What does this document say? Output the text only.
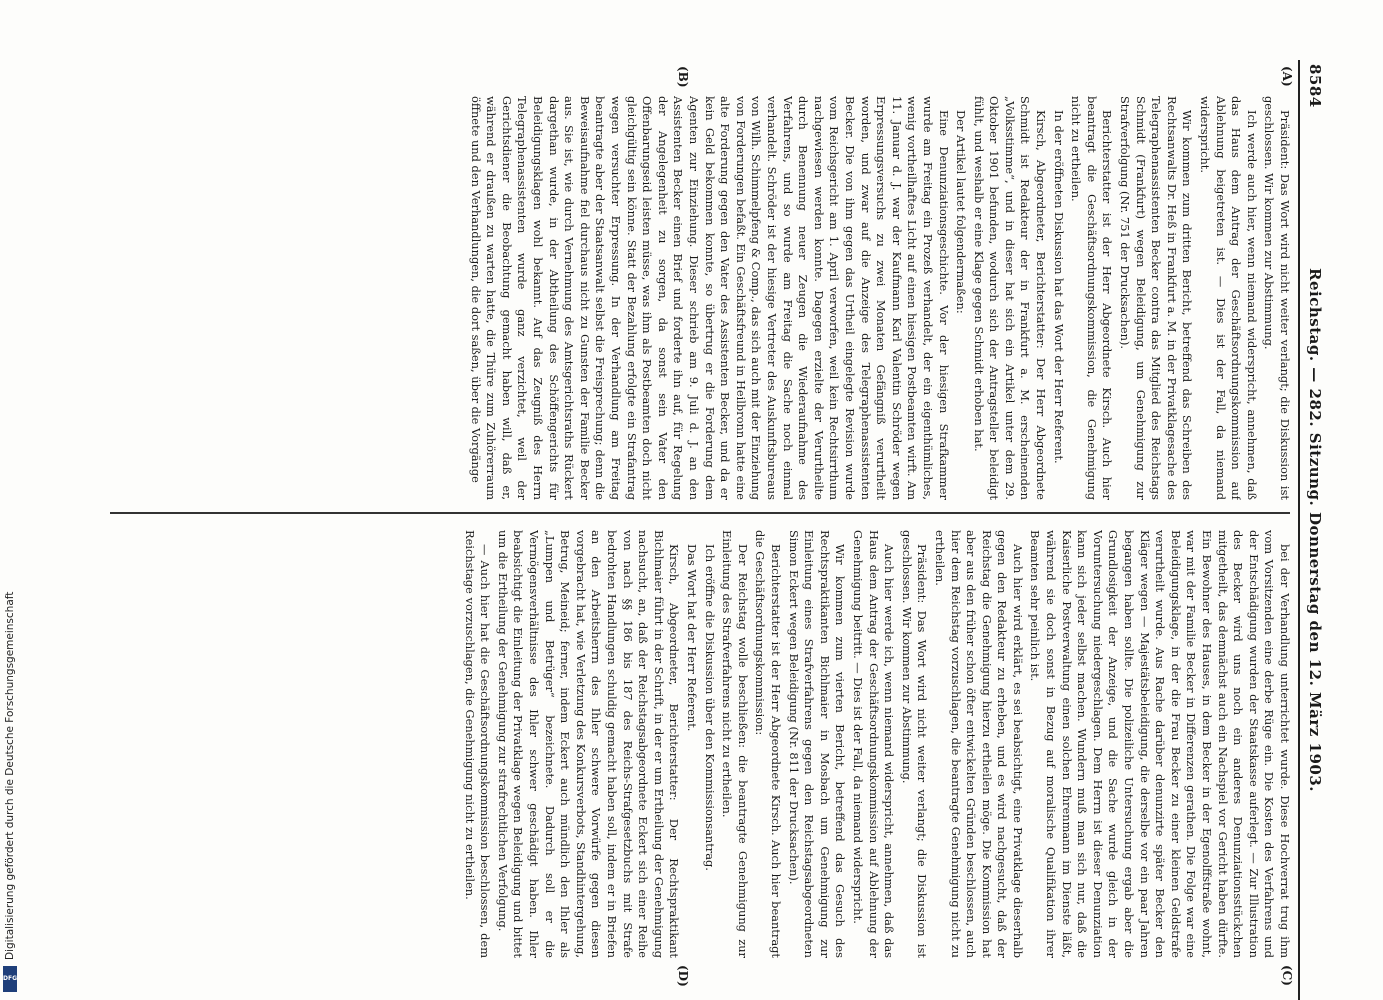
Digitalisierung gefördert durch die Deutsche Forschungsgemeinschaft
DFG
8584
Reichstag. — 282. Sitzung. Donnerstag den 12. März 1903.
(A)
(B)
(C)
(D)

Präsident: Das Wort wird nicht weiter verlangt; die Diskussion ist geschlossen. Wir kommen zur Abstimmung.

Ich werde auch hier, wenn niemand widerspricht, annehmen, daß das Haus dem Antrag der Geschäftsordnungskommission auf Ablehnung beigetreten ist. — Dies ist der Fall, da niemand widerspricht.

Wir kommen zum dritten Bericht, betreffend das Schreiben des Rechtsanwalts Dr. Heß in Frankfurt a. M. in der Privatklagesache des Telegraphenassistenten Becker contra das Mitglied des Reichstags Schmidt (Frankfurt) wegen Beleidigung, um Genehmigung zur Strafverfolgung (Nr. 751 der Drucksachen).

Berichterstatter ist der Herr Abgeordnete Kirsch. Auch hier beantragt die Geschäftsordnungskommission, die Genehmigung nicht zu ertheilen.

In der eröffneten Diskussion hat das Wort der Herr Referent.

Kirsch, Abgeordneter, Berichterstatter: Der Herr Abgeordnete Schmidt ist Redakteur der in Frankfurt a. M. erscheinenden „Volksstimme“, und in dieser hat sich ein Artikel unter dem 29. Oktober 1901 befunden, wodurch sich der Antragsteller beleidigt fühlt, und weshalb er eine Klage gegen Schmidt erhoben hat.

Der Artikel lautet folgendermaßen:

Eine Denunziationsgeschichte. Vor der hiesigen Strafkammer wurde am Freitag ein Prozeß verhandelt, der ein eigenthümliches, wenig vortheilhaftes Licht auf einen hiesigen Postbeamten wirft. Am 11. Januar d. J. war der Kaufmann Karl Valentin Schröder wegen Erpressungsversuchs zu zwei Monaten Gefängniß verurtheilt worden, und zwar auf die Anzeige des Telegraphenassistenten Becker. Die von ihm gegen das Urtheil eingelegte Revision wurde vom Reichsgericht am 1. April verworfen, weil kein Rechtsirrthum nachgewiesen werden konnte. Dagegen erzielte der Verurtheilte durch Benennung neuer Zeugen die Wiederaufnahme des Verfahrens, und so wurde am Freitag die Sache noch einmal verhandelt. Schröder ist der hiesige Vertreter des Auskunftsbureaus von Wilh. Schimmelpfeng & Comp., das sich auch mit der Einziehung von Forderungen befaßt. Ein Geschäftsfreund in Heilbronn hatte eine alte Forderung gegen den Vater des Assistenten Becker, und da er kein Geld bekommen konnte, so übertrug er die Forderung dem Agenten zur Einziehung. Dieser schrieb am 9. Juli d. J. an den Assistenten Becker einen Brief und forderte ihn auf, für Regelung der Angelegenheit zu sorgen, da sonst sein Vater den Offenbarungseid leisten müsse, was ihm als Postbeamten doch nicht gleichgültig sein könne. Statt der Bezahlung erfolgte ein Strafantrag wegen versuchter Erpressung. In der Verhandlung am Freitag beantragte aber der Staatsanwalt selbst die Freisprechung; denn die Beweisaufnahme fiel durchaus nicht zu Gunsten der Familie Becker aus. Sie ist, wie durch Vernehmung des Amtsgerichtsraths Rückert dargethan wurde, in der Abtheilung des Schöffengerichts für Beleidigungsklagen wohl bekannt. Auf das Zeugniß des Herrn Telegraphenassistenten wurde ganz verzichtet, weil der Gerichtsdiener die Beobachtung gemacht haben will, daß er, während er draußen zu warten hatte, die Thüre zum Zuhörerraum öffnete und den Verhandlungen, die dort saßen, über die Vorgänge

bei der Verhandlung unterrichtet wurde. Diese Hochverrat trug ihm vom Vorsitzenden eine derbe Rüge ein. Die Kosten des Verfahrens und der Entschädigung wurden der Staatskasse auferlegt. — Zur Illustration des Becker wird uns noch ein anderes Denunziationsstückchen mitgetheilt, das demnächst auch ein Nachspiel vor Gericht haben dürfte. Ein Bewohner des Hauses, in dem Becker in der Egenolffstraße wohnt, war mit der Familie Becker in Differenzen gerathen. Die Folge war eine Beleidigungsklage, in der die Frau Becker zu einer kleinen Geldstrafe verurtheilt wurde. Aus Rache darüber denunzirte später Becker den Kläger wegen — Majestätsbeleidigung, die derselbe vor ein paar Jahren begangen haben sollte. Die polizeiliche Untersuchung ergab aber die Grundlosigkeit der Anzeige, und die Sache wurde gleich in der Voruntersuchung niedergeschlagen. Dem Herrn ist dieser Denunziation kann sich jeder selbst machen. Wundern muß man sich nur, daß die Kaiserliche Postverwaltung einen solchen Ehrenmann im Dienste läßt, während sie doch sonst in Bezug auf moralische Qualifikation ihrer Beamten sehr peinlich ist.

Auch hier wird erklärt, es sei beabsichtigt, eine Privatklage dieserhalb gegen den Redakteur zu erheben, und es wird nachgesucht, daß der Reichstag die Genehmigung hierzu ertheilen möge. Die Kommission hat aber aus den früher schon öfter entwickelten Gründen beschlossen, auch hier dem Reichstag vorzuschlagen, die beantragte Genehmigung nicht zu ertheilen.

Präsident: Das Wort wird nicht weiter verlangt; die Diskussion ist geschlossen. Wir kommen zur Abstimmung.

Auch hier werde ich, wenn niemand widerspricht, annehmen, daß das Haus dem Antrag der Geschäftsordnungskommission auf Ablehnung der Genehmigung beitritt. — Dies ist der Fall, da niemand widerspricht.

Wir kommen zum vierten Bericht, betreffend das Gesuch des Rechtspraktikanten Bichlmaier in Mosbach um Genehmigung zur Einleitung eines Strafverfahrens gegen den Reichstagsabgeordneten Simon Eckert wegen Beleidigung (Nr. 811 der Drucksachen).

Berichterstatter ist der Herr Abgeordnete Kirsch. Auch hier beantragt die Geschäftsordnungskommission:

Der Reichstag wolle beschließen: die beantragte Genehmigung zur Einleitung des Strafverfahrens nicht zu ertheilen.

Ich eröffne die Diskussion über den Kommissionsantrag.

Das Wort hat der Herr Referent.

Kirsch, Abgeordneter, Berichterstatter: Der Rechtspraktikant Bichlmaier führt in der Schrift, in der er um Ertheilung der Genehmigung nachsucht, an, daß der Reichstagsabgeordnete Eckert sich einer Reihe von nach §§ 186 bis 187 des Reichs-Strafgesetzbuchs mit Strafe bedrohten Handlungen schuldig gemacht haben soll, indem er in Briefen an den Arbeitsherrn des Ihler schwere Vorwürfe gegen diesen vorgebracht hat, wie Verletzung des Konkursverbots, Standhintergehung, Betrug, Meineid; ferner, indem Eckert auch mündlich den Ihler als „Lumpen und Betrüger“ bezeichnete. Dadurch soll er die Vermögensverhältnisse des Ihler schwer geschädigt haben. Ihler beabsichtigt die Einleitung der Privatklage wegen Beleidigung und bittet um die Ertheilung der Genehmigung zur strafrechtlichen Verfolgung.

— Auch hier hat die Geschäftsordnungskommission beschlossen, dem Reichstage vorzuschlagen, die Genehmigung nicht zu ertheilen.
